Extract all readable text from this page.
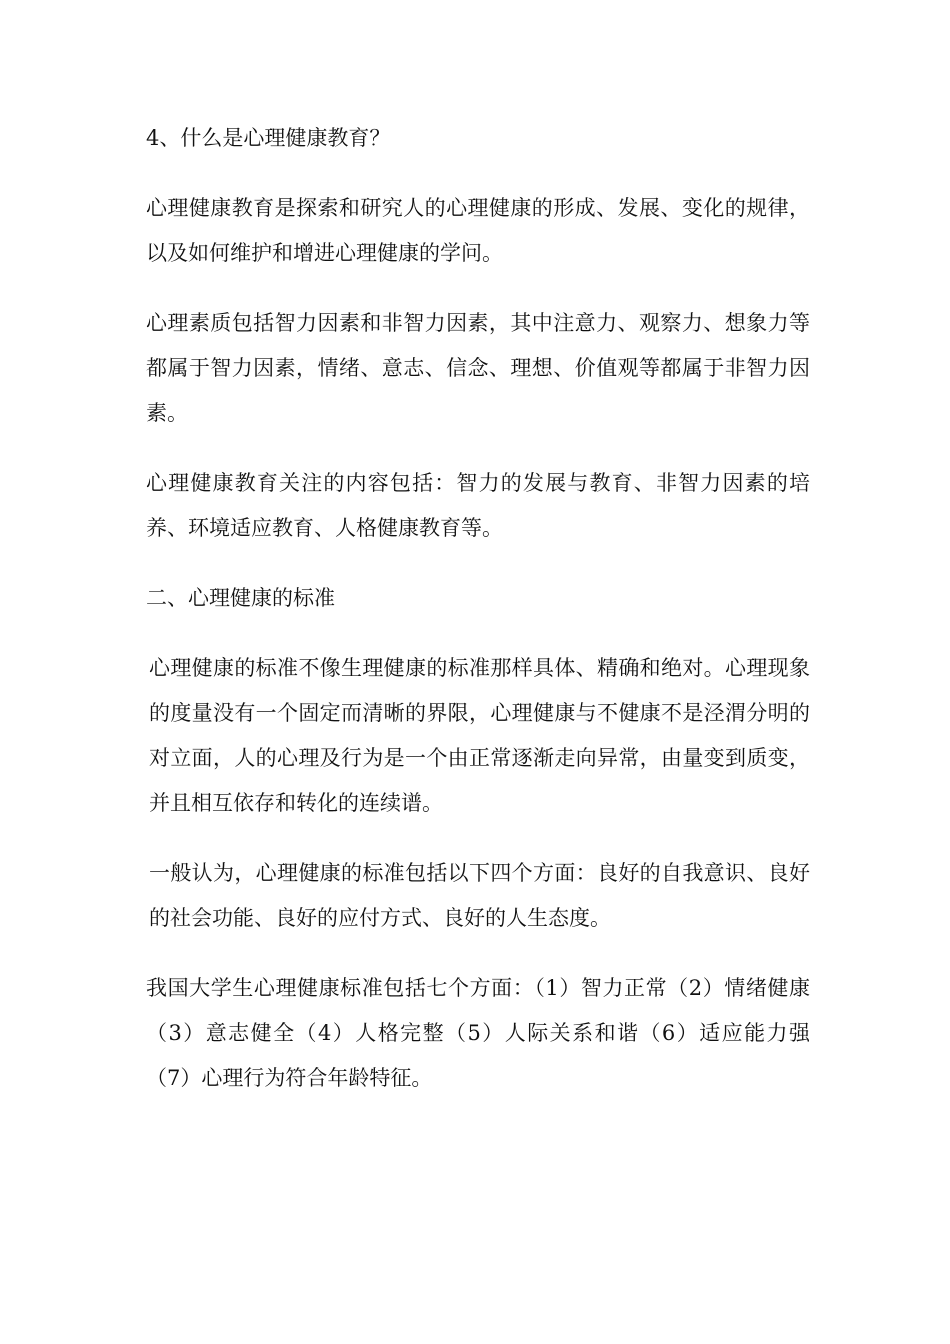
4、什么是心理健康教育？

心理健康教育是探索和研究人的心理健康的形成、发展、变化的规律，以及如何维护和增进心理健康的学问。

心理素质包括智力因素和非智力因素，其中注意力、观察力、想象力等都属于智力因素，情绪、意志、信念、理想、价值观等都属于非智力因素。

心理健康教育关注的内容包括：智力的发展与教育、非智力因素的培养、环境适应教育、人格健康教育等。

二、心理健康的标准

心理健康的标准不像生理健康的标准那样具体、精确和绝对。心理现象的度量没有一个固定而清晰的界限，心理健康与不健康不是泾渭分明的对立面，人的心理及行为是一个由正常逐渐走向异常，由量变到质变，并且相互依存和转化的连续谱。

一般认为，心理健康的标准包括以下四个方面：良好的自我意识、良好的社会功能、良好的应付方式、良好的人生态度。

我国大学生心理健康标准包括七个方面：（1）智力正常（2）情绪健康 （3）意志健全（4）人格完整（5）人际关系和谐（6）适应能力强（7）心理行为符合年龄特征。
